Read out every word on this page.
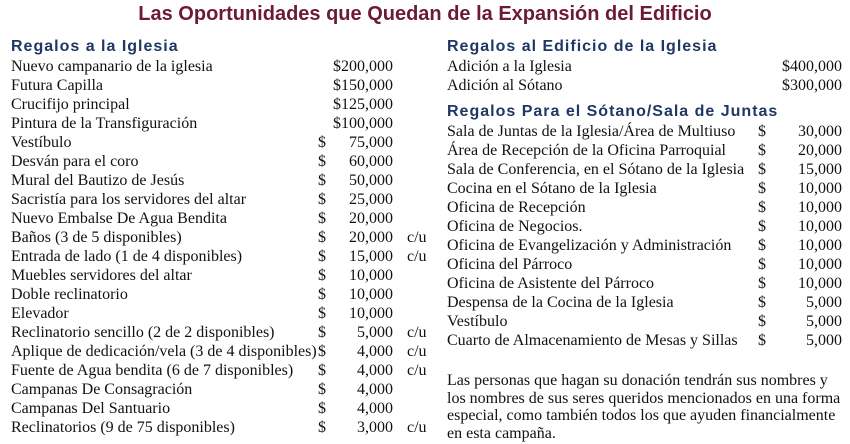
Las Oportunidades que Quedan de la Expansión del Edificio
Regalos a la Iglesia
Nuevo campanario de la iglesia	$200,000
Futura Capilla	$150,000
Crucifijo principal	$125,000
Pintura de la Transfiguración	$100,000
Vestíbulo	$	75,000
Desván para el coro	$	60,000
Mural del Bautizo de Jesús	$	50,000
Sacristía para los servidores del altar	$	25,000
Nuevo Embalse De Agua Bendita	$	20,000
Baños (3 de 5 disponibles)	$	20,000 c/u
Entrada de lado (1 de 4 disponibles)	$	15,000 c/u
Muebles servidores del altar	$	10,000
Doble reclinatorio	$	10,000
Elevador	$	10,000
Reclinatorio sencillo (2 de 2 disponibles)	$	5,000 c/u
Aplique de dedicación/vela (3 de 4 disponibles) $	4,000 c/u
Fuente de Agua bendita (6 de 7 disponibles) $	4,000 c/u
Campanas De Consagración	$	4,000
Campanas Del Santuario	$	4,000
Reclinatorios (9 de 75 disponibles)	$	3,000 c/u
Regalos al Edificio de la Iglesia
Adición a la Iglesia	$400,000
Adición al Sótano	$300,000
Regalos Para el Sótano/Sala de Juntas
Sala de Juntas de la Iglesia/Área de Multiuso $	30,000
Área de Recepción de la Oficina Parroquial $	20,000
Sala de Conferencia, en el Sótano de la Iglesia $	15,000
Cocina en el Sótano de la Iglesia	$	10,000
Oficina de Recepción	$	10,000
Oficina de Negocios.	$	10,000
Oficina de Evangelización y Administración $	10,000
Oficina del Párroco	$	10,000
Oficina de Asistente del Párroco	$	10,000
Despensa de la Cocina de la Iglesia	$	5,000
Vestíbulo	$	5,000
Cuarto de Almacenamiento de Mesas y Sillas $	5,000

Las personas que hagan su donación tendrán sus nombres y los nombres de sus seres queridos mencionados en una forma especial, como también todos los que ayuden financialmente en esta campaña.
